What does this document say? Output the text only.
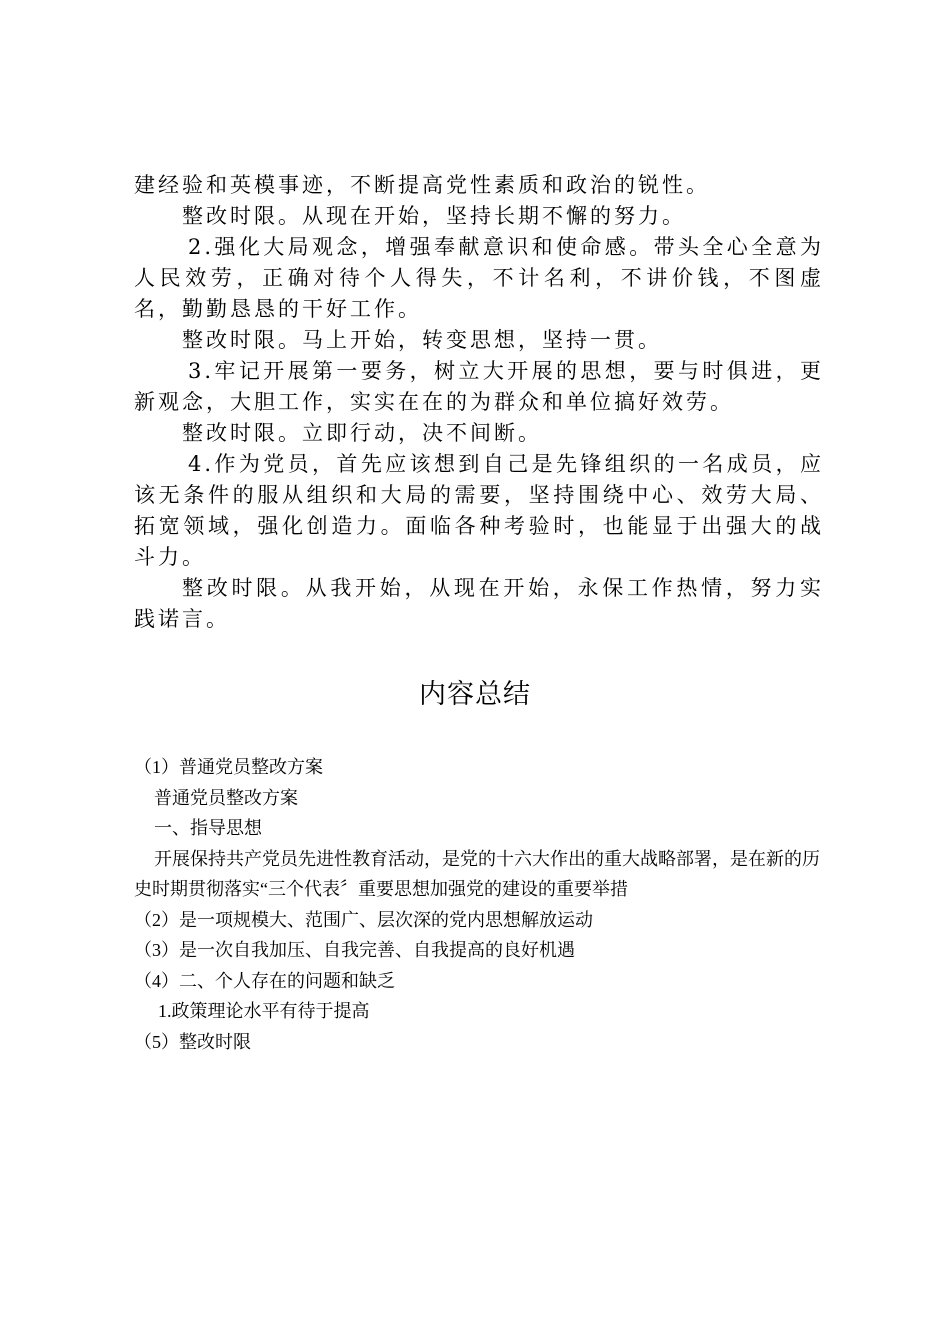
建经验和英模事迹，不断提高党性素质和政治的锐性。

整改时限。从现在开始，坚持长期不懈的努力。

2.强化大局观念，增强奉献意识和使命感。带头全心全意为人民效劳，正确对待个人得失，不计名利，不讲价钱，不图虚名，勤勤恳恳的干好工作。

整改时限。马上开始，转变思想，坚持一贯。

3.牢记开展第一要务，树立大开展的思想，要与时俱进，更新观念，大胆工作，实实在在的为群众和单位搞好效劳。

整改时限。立即行动，决不间断。

4.作为党员，首先应该想到自己是先锋组织的一名成员，应该无条件的服从组织和大局的需要，坚持围绕中心、效劳大局、拓宽领域，强化创造力。面临各种考验时，也能显于出强大的战斗力。

整改时限。从我开始，从现在开始，永保工作热情，努力实践诺言。

内容总结

（1）普通党员整改方案

普通党员整改方案

一、指导思想

开展保持共产党员先进性教育活动，是党的十六大作出的重大战略部署，是在新的历史时期贯彻落实“三个代表〞重要思想加强党的建设的重要举措

（2）是一项规模大、范围广、层次深的党内思想解放运动

（3）是一次自我加压、自我完善、自我提高的良好机遇

（4）二、个人存在的问题和缺乏

1.政策理论水平有待于提高

（5）整改时限
